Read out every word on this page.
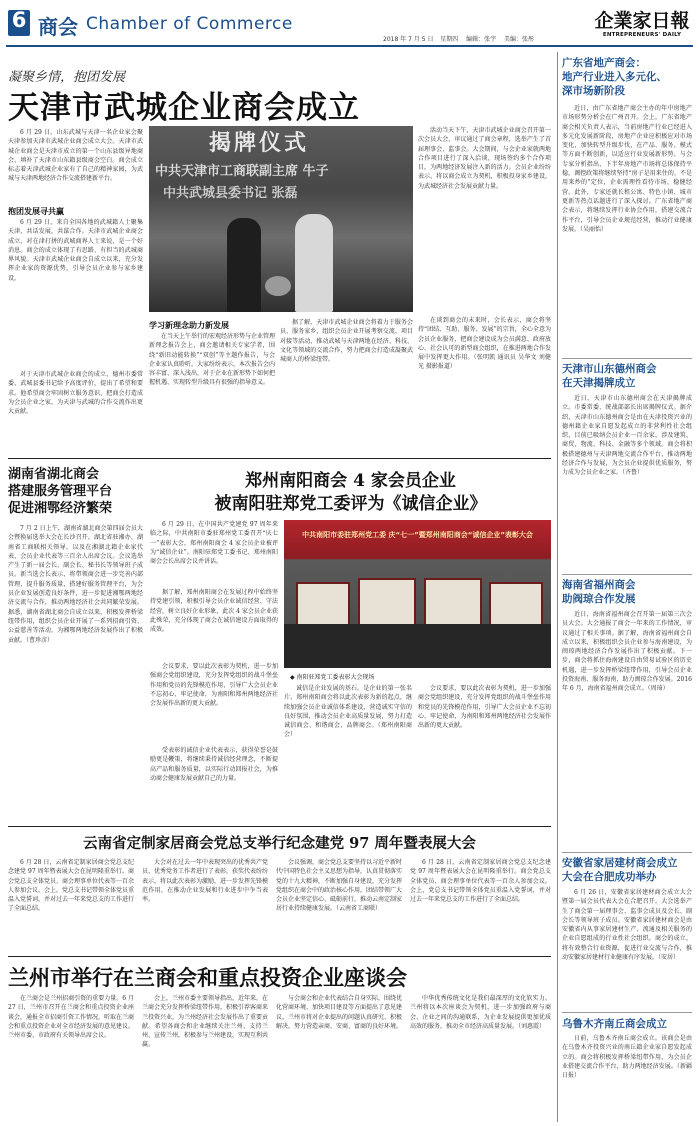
6 商会 Chamber of Commerce
2018 年 7 月 5 日 星期四 编辑：张宇 美编：张彤
企業家日報
ENTREPRENEURS' DAILY
凝聚乡情，抱团发展
天津市武城企业商会成立
6 月 29 日，山东武城与天津一名企业家会聚天津参加天津市武城企业商会成立大会。天津市武城企业商会是天津市成立的第一个山东县级异地商会，填补了天津市山东籍县级商会空白。商会成立标志着天津武城企业家有了自己的精神家园，为武城与天津两地经济合作交流搭建新平台。
抱团发展寻共赢
6 月 29 日，来自全国各地的武城籍人士聚集天津，共话发展，共谋合作。天津市武城企业商会成立，对在津打拼的武城商界人士来说，是一个好消息。商会的成立体现了有思路、有担当的武城商界风貌。天津市武城企业商会自成立以来，充分发挥企业家的资源优势，引导会员企业参与家乡建设。
对于天津市武城企业商会的成立，德州市委常委、武城县委书记给予高度评价，提出了希望和要求。他希望商会牢固树立服务意识，把商会打造成为会员企业之家，为天津与武城的合作交流作出更大贡献。
揭牌仪式
中共天津市工商联副主席 牛子
中共武城县委书记 张磊
学习新理念助力新发展
在当天上午举行的宏观经济形势与企业管理新理念报告会上，商会邀请相关专家学者，围绕“新旧动能转换”“双创”等主题作报告，与会企业家认真聆听。大家纷纷表示，本次报告会内容丰富、深入浅出，对于企业在新形势下如何把握机遇、实现转型升级具有很强的指导意义。
据了解，天津市武城企业商会将着力于服务会员、服务家乡，组织会员企业开展考察交流、项目对接等活动，推动武城与天津两地在经济、科技、文化等领域的交流合作，努力把商会打造成凝聚武城商人的桥梁纽带。
活动当天下午，天津市武城企业商会召开第一次会员大会，审议通过了商会章程，选举产生了首届理事会、监事会。大会期间，与会企业家就两地合作项目进行了深入洽谈，现场签约多个合作项目，为两地经济发展注入新的活力。会员企业纷纷表示，将以商会成立为契机，积极投身家乡建设，为武城经济社会发展贡献力量。
在谈到商会的未来时，会长表示，商会将坚持“团结、互助、服务、发展”的宗旨，全心全意为会员企业服务，把商会建设成为会员满意、政府放心、社会认可的新型商会组织，在推进两地合作发展中发挥更大作用。（张明凯 通讯员 吴华文 刘健光 摄影报道）
湖南省湖北商会
搭建服务管理平台
促进湘鄂经济繁荣
7 月 2 日上午，湖南省湖北商会第四届会员大会暨换届选举大会在长沙召开。湖北省驻湘办、湖南省工商联相关领导，以及在湘湖北籍企业家代表、会员企业代表等三百余人出席会议。会议选举产生了新一届会长、副会长、秘书长等领导班子成员。新当选会长表示，将带领商会进一步完善内部管理，提升服务质量，搭建好服务管理平台，为会员企业发展创造良好条件，进一步促进湘鄂两地经济交流与合作，推动两地经济社会共同繁荣发展。据悉，湖南省湖北商会自成立以来，积极发挥桥梁纽带作用，组织会员企业开展了一系列招商引资、公益慈善等活动，为湘鄂两地经济发展作出了积极贡献。（曹珍彦）
郑州南阳商会 4 家会员企业
被南阳驻郑党工委评为《诚信企业》
6 月 29 日，在中国共产党建党 97 周年来临之际，中共南阳市委驻郑州党工委召开“庆七一”表彰大会，郑州南阳商会 4 家会员企业被评为“诚信企业”。南阳驻郑党工委书记、郑州南阳商会会长出席会议并讲话。
据了解，郑州南阳商会在发展过程中始终坚持党建引领，积极引导会员企业诚信经营、守法经营，树立良好企业形象，此次 4 家会员企业获此殊荣，充分体现了商会在诚信建设方面取得的成效。
会议要求，要以此次表彰为契机，进一步加强商会党组织建设，充分发挥党组织的战斗堡垒作用和党员的先锋模范作用，引导广大会员企业不忘初心、牢记使命，为南阳和郑州两地经济社会发展作出新的更大贡献。
受表彰的诚信企业代表表示，获得荣誉是鼓励更是鞭策，将继续秉持诚信经营理念，不断提高产品和服务质量，以实际行动回报社会，为推动商会健康发展贡献自己的力量。
中共南阳市委驻郑州党工委 庆“七一”暨郑州南阳商会“诚信企业”表彰大会
◆ 南阳驻郑党工委表彰大会现场
诚信是企业发展的基石。是企业的第一张名片。郑州南阳商会将以此次表彰为新的起点，继续加强会员企业诚信体系建设，营造诚实守信的良好氛围，推动会员企业高质量发展，努力打造诚信商会、和谐商会、品牌商会。（郑州南阳商会）
会议要求，要以此次表彰为契机，进一步加强商会党组织建设，充分发挥党组织的战斗堡垒作用和党员的先锋模范作用，引导广大会员企业不忘初心、牢记使命，为南阳和郑州两地经济社会发展作出新的更大贡献。
云南省定制家居商会党总支举行纪念建党 97 周年暨表展大会
6 月 28 日，云南省定制家居商会党总支纪念建党 97 周年暨表展大会在昆明隆重举行。商会党总支全体党员、商会理事单位代表等一百余人参加会议。会上，党总支书记带领全体党员重温入党誓词，并对过去一年来党总支的工作进行了全面总结。
大会对在过去一年中表现突出的优秀共产党员、优秀党务工作者进行了表彰。获奖代表纷纷表示，将以此次表彰为激励，进一步发挥先锋模范作用，在推动企业发展和行业进步中争当表率。
会议强调，商会党总支要坚持以习近平新时代中国特色社会主义思想为指导，认真贯彻落实党的十九大精神，不断加强自身建设，充分发挥党组织在商会中的政治核心作用，团结带领广大会员企业坚定信心、砥砺前行，推动云南定制家居行业持续健康发展。（云南省工商联）
6 月 28 日，云南省定制家居商会党总支纪念建党 97 周年暨表展大会在昆明隆重举行。商会党总支全体党员、商会理事单位代表等一百余人参加会议。会上，党总支书记带领全体党员重温入党誓词，并对过去一年来党总支的工作进行了全面总结。
兰州市举行在兰商会和重点投资企业座谈会
在兰商会是兰州招商引资的重要力量。6 月 27 日，兰州市召开在兰商会和重点投资企业座谈会，通报全市招商引资工作情况，听取在兰商会和重点投资企业对全市经济发展的意见建议。兰州市委、市政府有关领导出席会议。
会上，兰州市委主要领导指出，近年来，在兰商会充分发挥桥梁纽带作用，积极引荐客商来兰投资兴业，为兰州经济社会发展作出了重要贡献。希望各商会和企业继续关注兰州、支持兰州、宣传兰州，积极参与兰州建设，实现互利共赢。
与会商会和企业代表结合自身实际，围绕优化营商环境、加快项目建设等方面提出了意见建议。兰州市将对企业提出的问题认真研究、积极解决，努力营造亲商、安商、富商的良好环境。
中华优秀传统文化是我们最深厚的文化软实力。兰州将以本次座谈会为契机，进一步加强政府与商会、企业之间的沟通联系，为企业发展提供更加优质高效的服务，推动全市经济高质量发展。（刘惠霞）
广东省地产商会：
地产行业进入多元化、
深市场新阶段
近日，由广东省地产商会主办的年中房地产市场形势分析会在广州召开。会上，广东省地产商会相关负责人表示，当前房地产行业已经进入多元化发展新阶段，房地产企业应积极应对市场变化，加快转型升级步伐，在产品、服务、模式等方面不断创新，以适应行业发展新形势。与会专家分析指出，下半年房地产市场将总体保持平稳，调控政策将继续坚持“房子是用来住的、不是用来炒的”定位，企业需理性看待市场，稳健经营。此外，专家还就长租公寓、特色小镇、城市更新等热点话题进行了深入探讨。广东省地产商会表示，将继续发挥行业协会作用，搭建交流合作平台，引导会员企业规范经营，推动行业健康发展。（吴丽怡）
天津市山东德州商会
在天津揭牌成立
近日，天津市山东德州商会在天津揭牌成立。市委常委、统战部部长出席揭牌仪式。据介绍，天津市山东德州商会是由在天津投资兴业的德州籍企业家自愿发起成立的非营利性社会组织，目前已吸纳会员企业一百余家，涉及建筑、商贸、物流、科技、金融等多个领域。商会将积极搭建德州与天津两地交流合作平台，推动两地经济合作与发展，为会员企业提供优质服务，努力成为会员企业之家。（齐鲁）
海南省福州商会
助阀琼合作发展
近日，海南省福州商会召开第一届第三次会员大会。大会通报了商会一年来的工作情况，审议通过了相关事项。据了解，海南省福州商会自成立以来，积极组织会员企业参与海南建设，为闽琼两地经济合作发展作出了积极贡献。下一步，商会将抓住海南建设自由贸易试验区的历史机遇，进一步发挥桥梁纽带作用，引导会员企业投资海南、服务海南，助力闽琼合作发展。2016 年 6 月，海南省福州商会成立。（周琦）
安徽省家居建材商会成立
大会在合肥成功举办
6 月 26 日，安徽省家居建材商会成立大会暨第一届会员代表大会在合肥召开。大会选举产生了商会第一届理事会、监事会成员及会长、副会长等领导班子成员。安徽省家居建材商会是由安徽省内从事家居建材生产、流通及相关服务的企业自愿组成的行业性社会组织。商会的成立，将有效整合行业资源，促进行业交流与合作，推动安徽家居建材行业健康有序发展。（安居）
乌鲁木齐南丘商会成立
日前，乌鲁木齐南丘商会成立。该商会是由在乌鲁木齐投资兴业的南丘籍企业家自愿发起成立的。商会将积极发挥桥梁纽带作用，为会员企业搭建交流合作平台，助力两地经济发展。（新疆日报）
